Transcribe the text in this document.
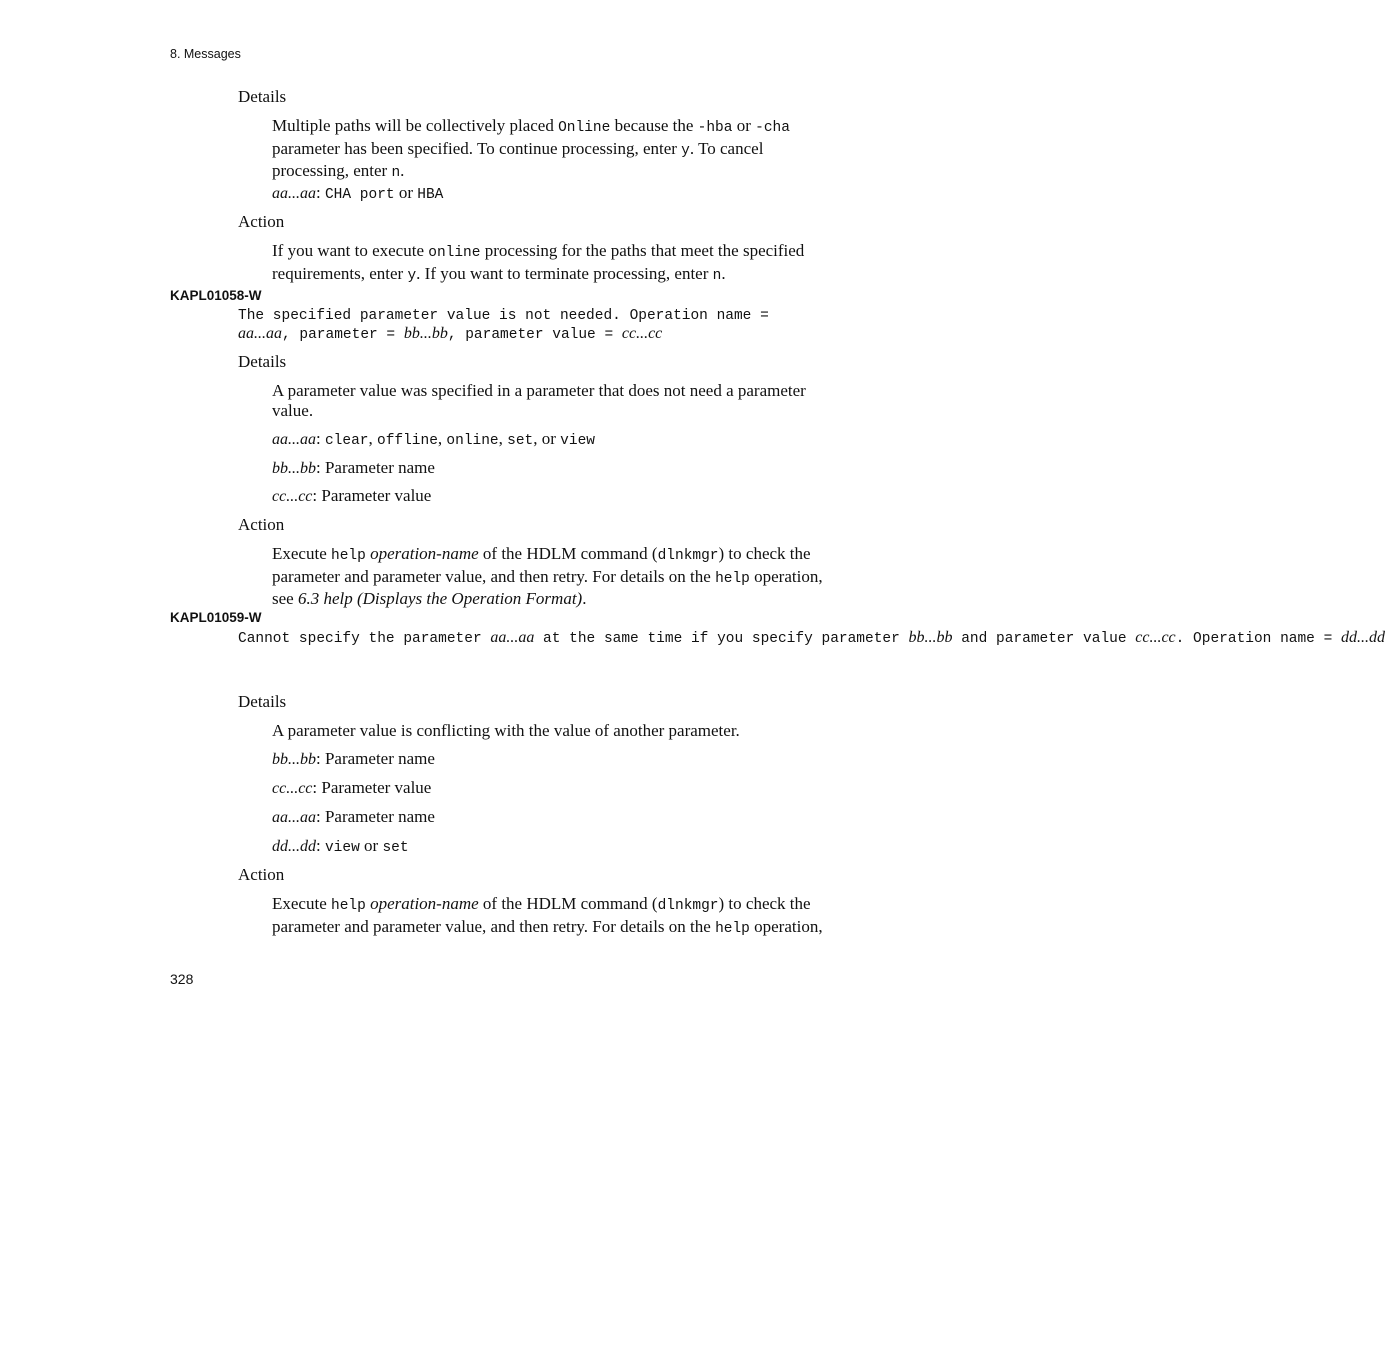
8. Messages
Details
Multiple paths will be collectively placed Online because the -hba or -cha parameter has been specified. To continue processing, enter y. To cancel processing, enter n.
aa...aa: CHA port or HBA
Action
If you want to execute online processing for the paths that meet the specified requirements, enter y. If you want to terminate processing, enter n.
KAPL01058-W
The specified parameter value is not needed. Operation name =
aa...aa, parameter = bb...bb, parameter value = cc...cc
Details
A parameter value was specified in a parameter that does not need a parameter value.
aa...aa: clear, offline, online, set, or view
bb...bb: Parameter name
cc...cc: Parameter value
Action
Execute help operation-name of the HDLM command (dlnkmgr) to check the parameter and parameter value, and then retry. For details on the help operation, see 6.3 help (Displays the Operation Format).
KAPL01059-W
Cannot specify the parameter aa...aa at the same time if you specify parameter bb...bb and parameter value cc...cc. Operation name = dd...dd
Details
A parameter value is conflicting with the value of another parameter.
bb...bb: Parameter name
cc...cc: Parameter value
aa...aa: Parameter name
dd...dd: view or set
Action
Execute help operation-name of the HDLM command (dlnkmgr) to check the parameter and parameter value, and then retry. For details on the help operation,
328
